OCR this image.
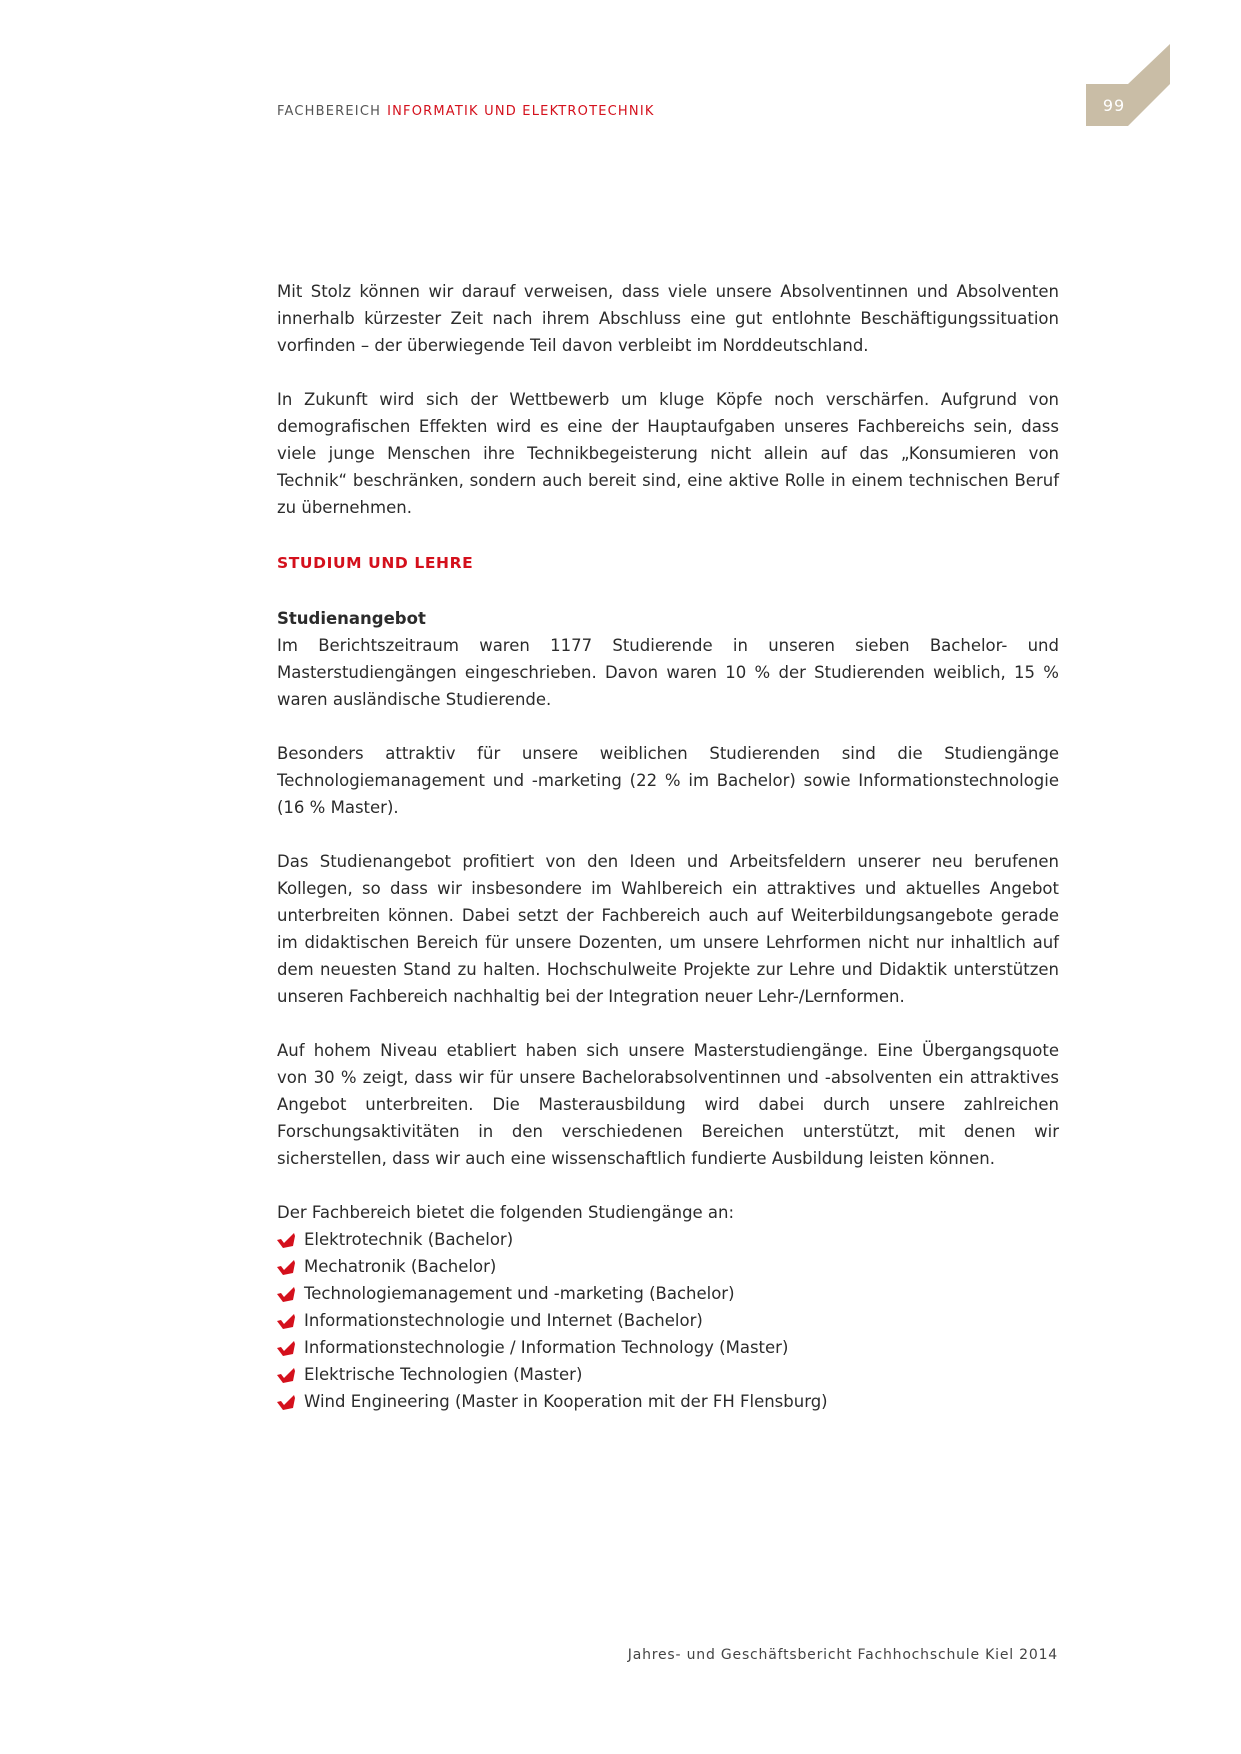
FACHBEREICH INFORMATIK UND ELEKTROTECHNIK	99

Mit Stolz können wir darauf verweisen, dass viele unsere Absolventinnen und Absolventen innerhalb kürzester Zeit nach ihrem Abschluss eine gut entlohnte Beschäftigungssituation vorfinden – der überwiegende Teil davon verbleibt im Norddeutschland.

In Zukunft wird sich der Wettbewerb um kluge Köpfe noch verschärfen. Aufgrund von demografischen Effekten wird es eine der Hauptaufgaben unseres Fachbereichs sein, dass viele junge Menschen ihre Technikbegeisterung nicht allein auf das „Konsumieren von Technik“ beschränken, sondern auch bereit sind, eine aktive Rolle in einem technischen Beruf zu übernehmen.

STUDIUM UND LEHRE
Studienangebot

Im Berichtszeitraum waren 1177 Studierende in unseren sieben Bachelor- und Masterstudiengängen eingeschrieben. Davon waren 10 % der Studierenden weiblich, 15 % waren ausländische Studierende.

Besonders attraktiv für unsere weiblichen Studierenden sind die Studiengänge Technologiemanagement und -marketing (22 % im Bachelor) sowie Informationstechnologie (16 % Master).

Das Studienangebot profitiert von den Ideen und Arbeitsfeldern unserer neu berufenen Kollegen, so dass wir insbesondere im Wahlbereich ein attraktives und aktuelles Angebot unterbreiten können. Dabei setzt der Fachbereich auch auf Weiterbildungsangebote gerade im didaktischen Bereich für unsere Dozenten, um unsere Lehrformen nicht nur inhaltlich auf dem neuesten Stand zu halten. Hochschulweite Projekte zur Lehre und Didaktik unterstützen unseren Fachbereich nachhaltig bei der Integration neuer Lehr-/Lernformen.

Auf hohem Niveau etabliert haben sich unsere Masterstudiengänge. Eine Übergangsquote von 30 % zeigt, dass wir für unsere Bachelorabsolventinnen und -absolventen ein attraktives Angebot unterbreiten. Die Masterausbildung wird dabei durch unsere zahlreichen Forschungsaktivitäten in den verschiedenen Bereichen unterstützt, mit denen wir sicherstellen, dass wir auch eine wissenschaftlich fundierte Ausbildung leisten können.

Der Fachbereich bietet die folgenden Studiengänge an:

Elektrotechnik (Bachelor)
Mechatronik (Bachelor)
Technologiemanagement und -marketing (Bachelor)
Informationstechnologie und Internet (Bachelor)
Informationstechnologie / Information Technology (Master)
Elektrische Technologien (Master)
Wind Engineering (Master in Kooperation mit der FH Flensburg)
Jahres- und Geschäftsbericht Fachhochschule Kiel 2014
